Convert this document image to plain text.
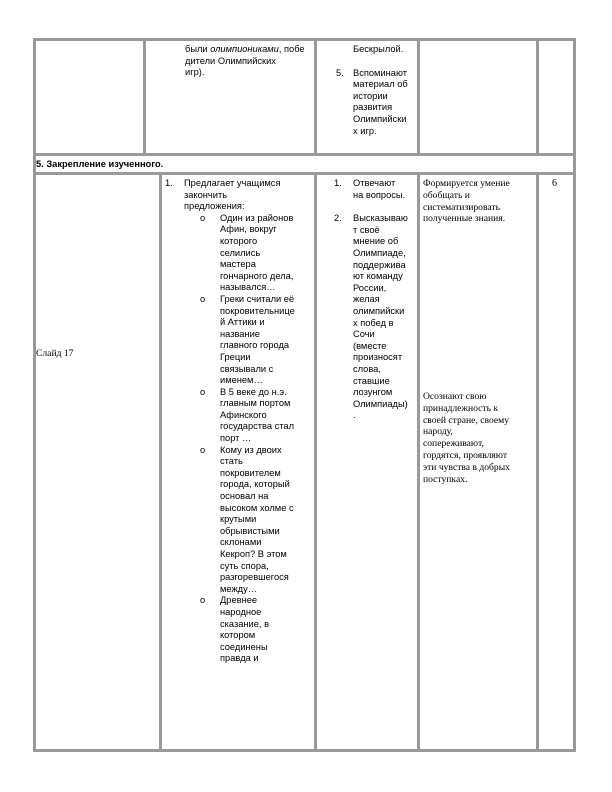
были олимпиониками, побе
дители Олимпийских
игр).
Бескрылой.
5. Вспоминают
материал об
истории
развития
Олимпийски
х игр.
5. Закрепление изученного.
Слайд 17
1. Предлагает учащимся
закончить
предложения:
o Один из районов
Афин, вокруг
которого
селились
мастера
гончарного дела,
назывался…
o Греки считали её
покровительнице
й Аттики и
название
главного города
Греции
связывали с
именем…
o В 5 веке до н.э.
главным портом
Афинского
государства стал
порт …
o Кому из двоих
стать
покровителем
города, который
основал на
высоком холме с
крутыми
обрывистыми
склонами
Кекроп? В этом
суть спора,
разгоревшегося
между…
o Древнее
народное
сказание, в
котором
соединены
правда и
1. Отвечают
на вопросы.
2. Высказываю
т своё
мнение об
Олимпиаде,
поддержива
ют команду
России,
желая
олимпийски
х побед в
Сочи
(вместе
произносят
слова,
ставшие
лозунгом
Олимпиады)
.
Формируется умение
обобщать и
систематизировать
полученные знания.
Осознают свою
принадлежность к
своей стране, своему
народу,
сопереживают,
гордятся, проявляют
эти чувства в добрых
поступках.
6
